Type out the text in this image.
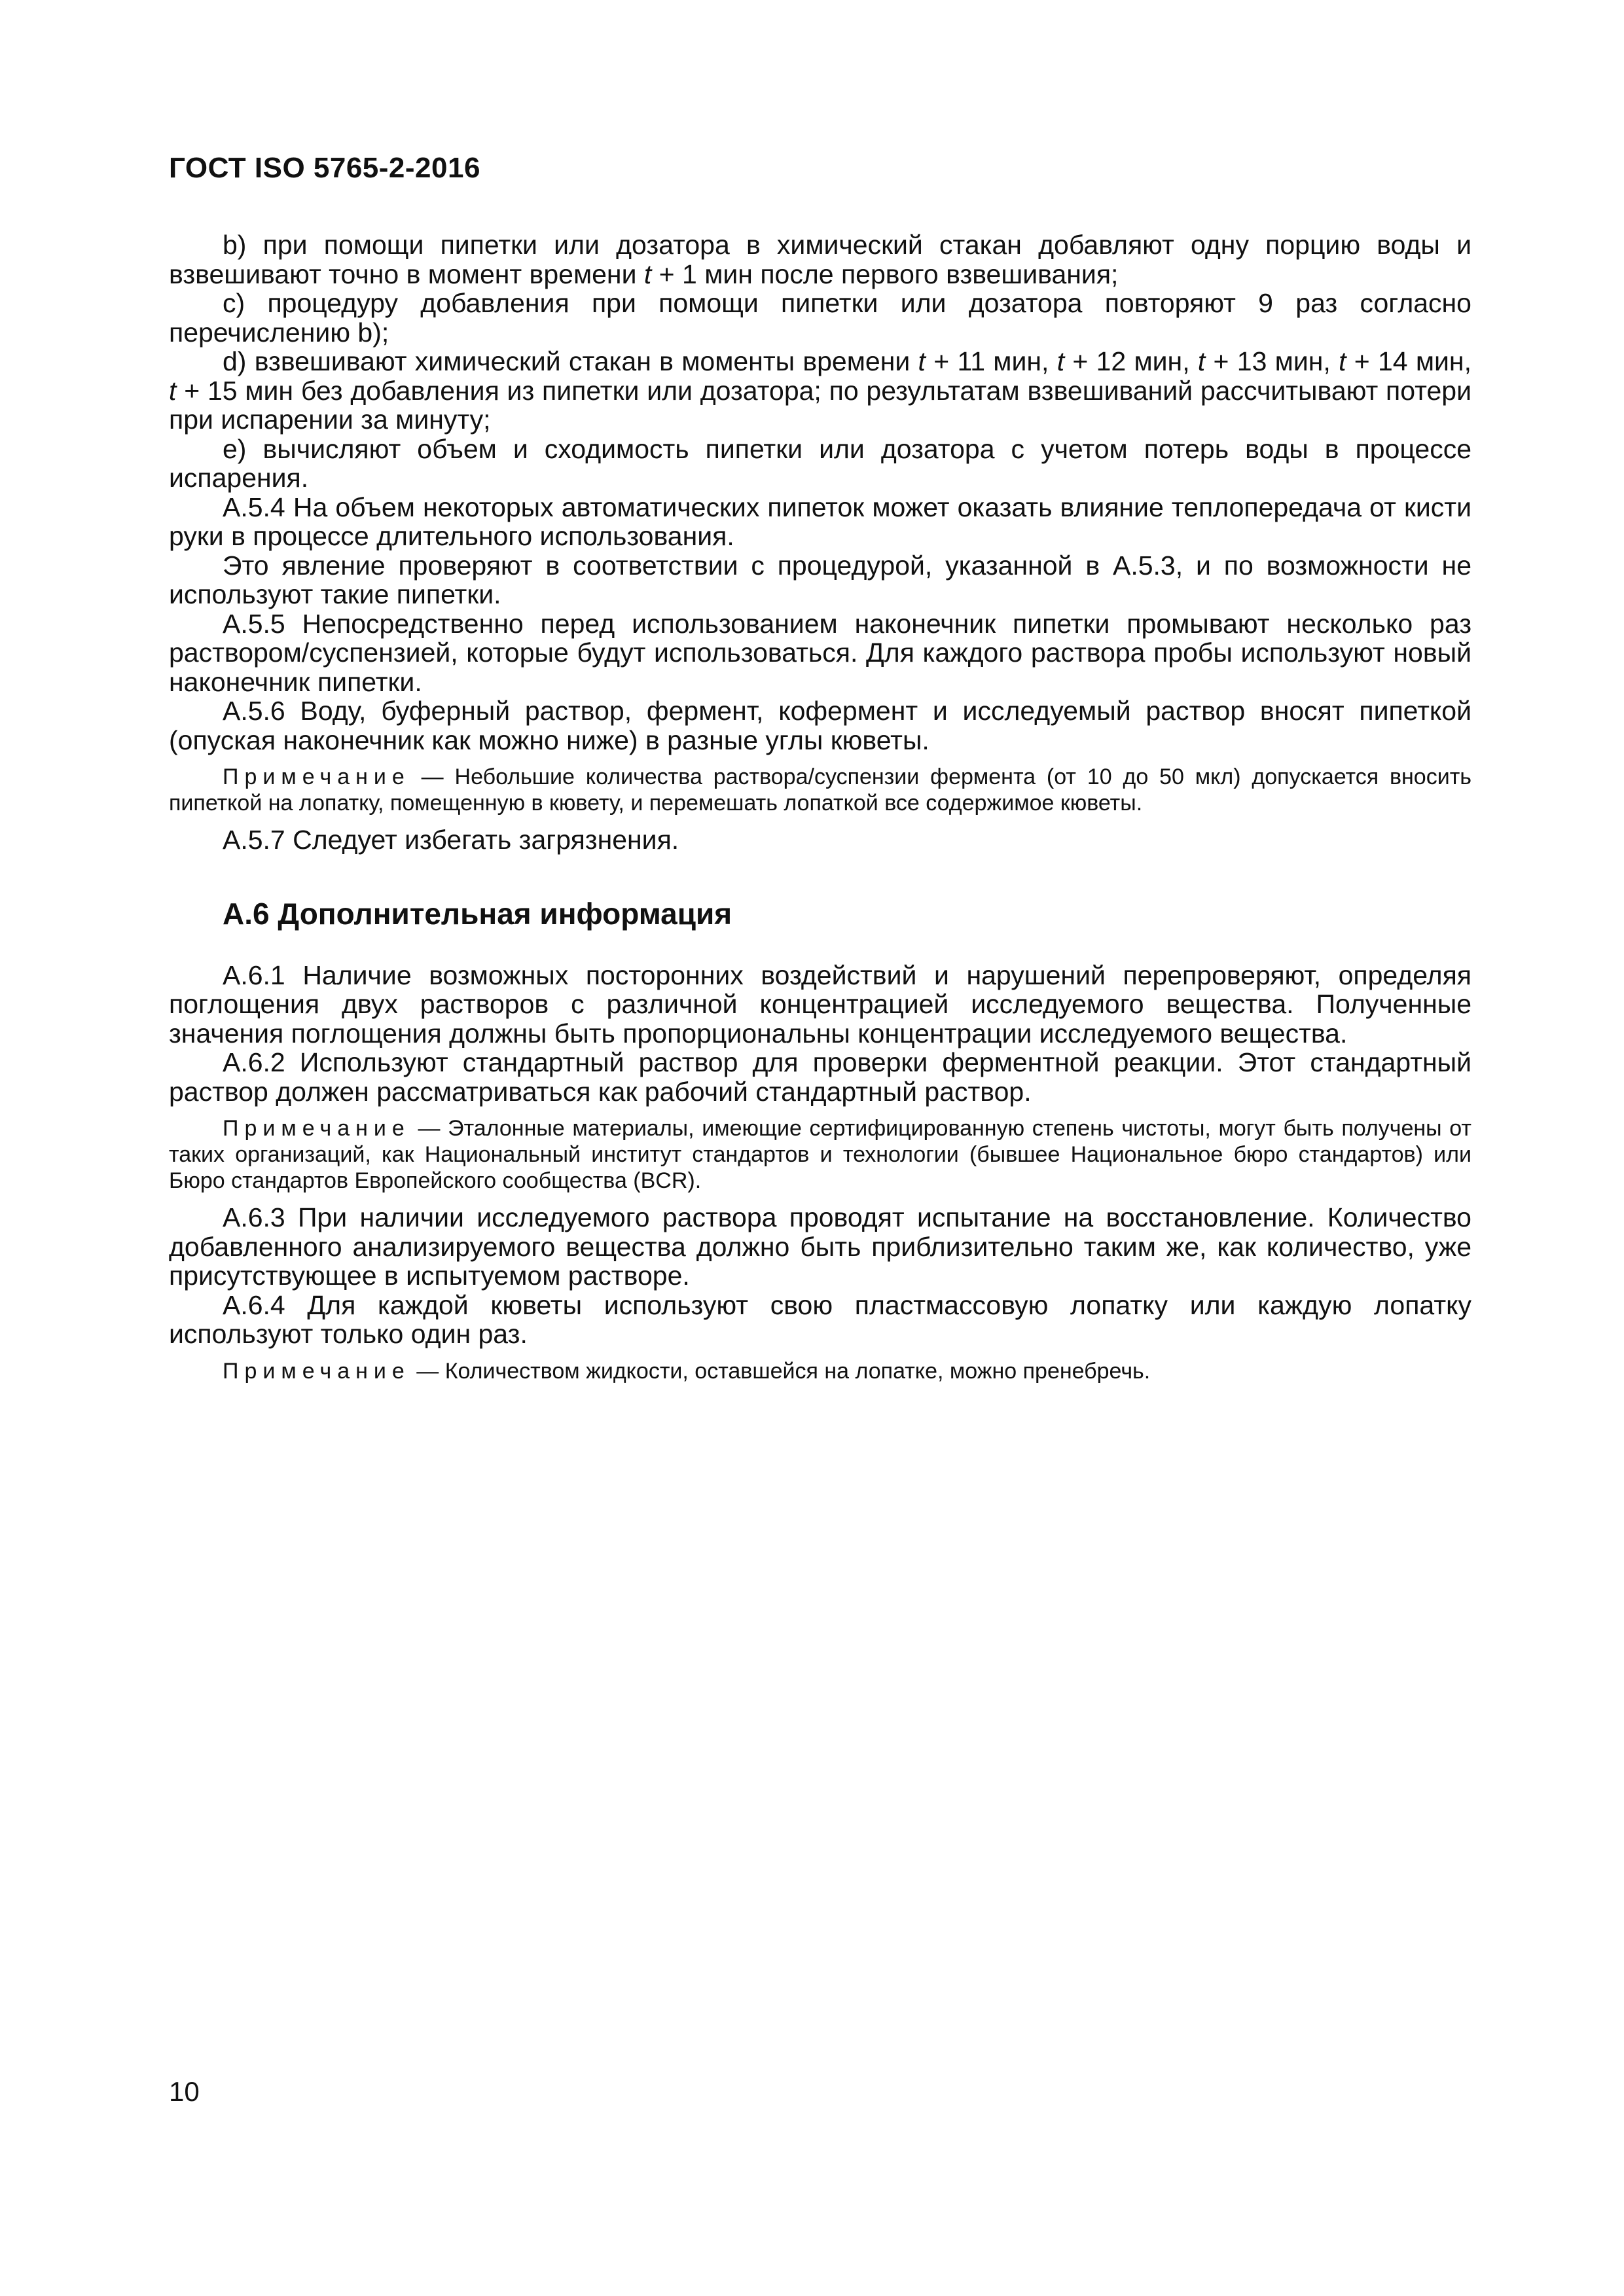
ГОСТ ISO 5765-2-2016

b) при помощи пипетки или дозатора в химический стакан добавляют одну порцию воды и взвешивают точно в момент времени t + 1 мин после первого взвешивания;

c) процедуру добавления при помощи пипетки или дозатора повторяют 9 раз согласно перечислению b);

d) взвешивают химический стакан в моменты времени t + 11 мин, t + 12 мин, t + 13 мин, t + 14 мин, t + 15 мин без добавления из пипетки или дозатора; по результатам взвешиваний рассчитывают потери при испарении за минуту;

e) вычисляют объем и сходимость пипетки или дозатора с учетом потерь воды в процессе испарения.

А.5.4 На объем некоторых автоматических пипеток может оказать влияние теплопередача от кисти руки в процессе длительного использования.

Это явление проверяют в соответствии с процедурой, указанной в А.5.3, и по возможности не используют такие пипетки.

А.5.5 Непосредственно перед использованием наконечник пипетки промывают несколько раз раствором/суспензией, которые будут использоваться. Для каждого раствора пробы используют новый наконечник пипетки.

А.5.6 Воду, буферный раствор, фермент, кофермент и исследуемый раствор вносят пипеткой (опуская наконечник как можно ниже) в разные углы кюветы.

Примечание — Небольшие количества раствора/суспензии фермента (от 10 до 50 мкл) допускается вносить пипеткой на лопатку, помещенную в кювету, и перемешать лопаткой все содержимое кюветы.

А.5.7 Следует избегать загрязнения.

А.6 Дополнительная информация

А.6.1 Наличие возможных посторонних воздействий и нарушений перепроверяют, определяя поглощения двух растворов с различной концентрацией исследуемого вещества. Полученные значения поглощения должны быть пропорциональны концентрации исследуемого вещества.

А.6.2 Используют стандартный раствор для проверки ферментной реакции. Этот стандартный раствор должен рассматриваться как рабочий стандартный раствор.

Примечание — Эталонные материалы, имеющие сертифицированную степень чистоты, могут быть получены от таких организаций, как Национальный институт стандартов и технологии (бывшее Национальное бюро стандартов) или Бюро стандартов Европейского сообщества (BCR).

А.6.3 При наличии исследуемого раствора проводят испытание на восстановление. Количество добавленного анализируемого вещества должно быть приблизительно таким же, как количество, уже присутствующее в испытуемом растворе.

А.6.4 Для каждой кюветы используют свою пластмассовую лопатку или каждую лопатку используют только один раз.

Примечание — Количеством жидкости, оставшейся на лопатке, можно пренебречь.

10
